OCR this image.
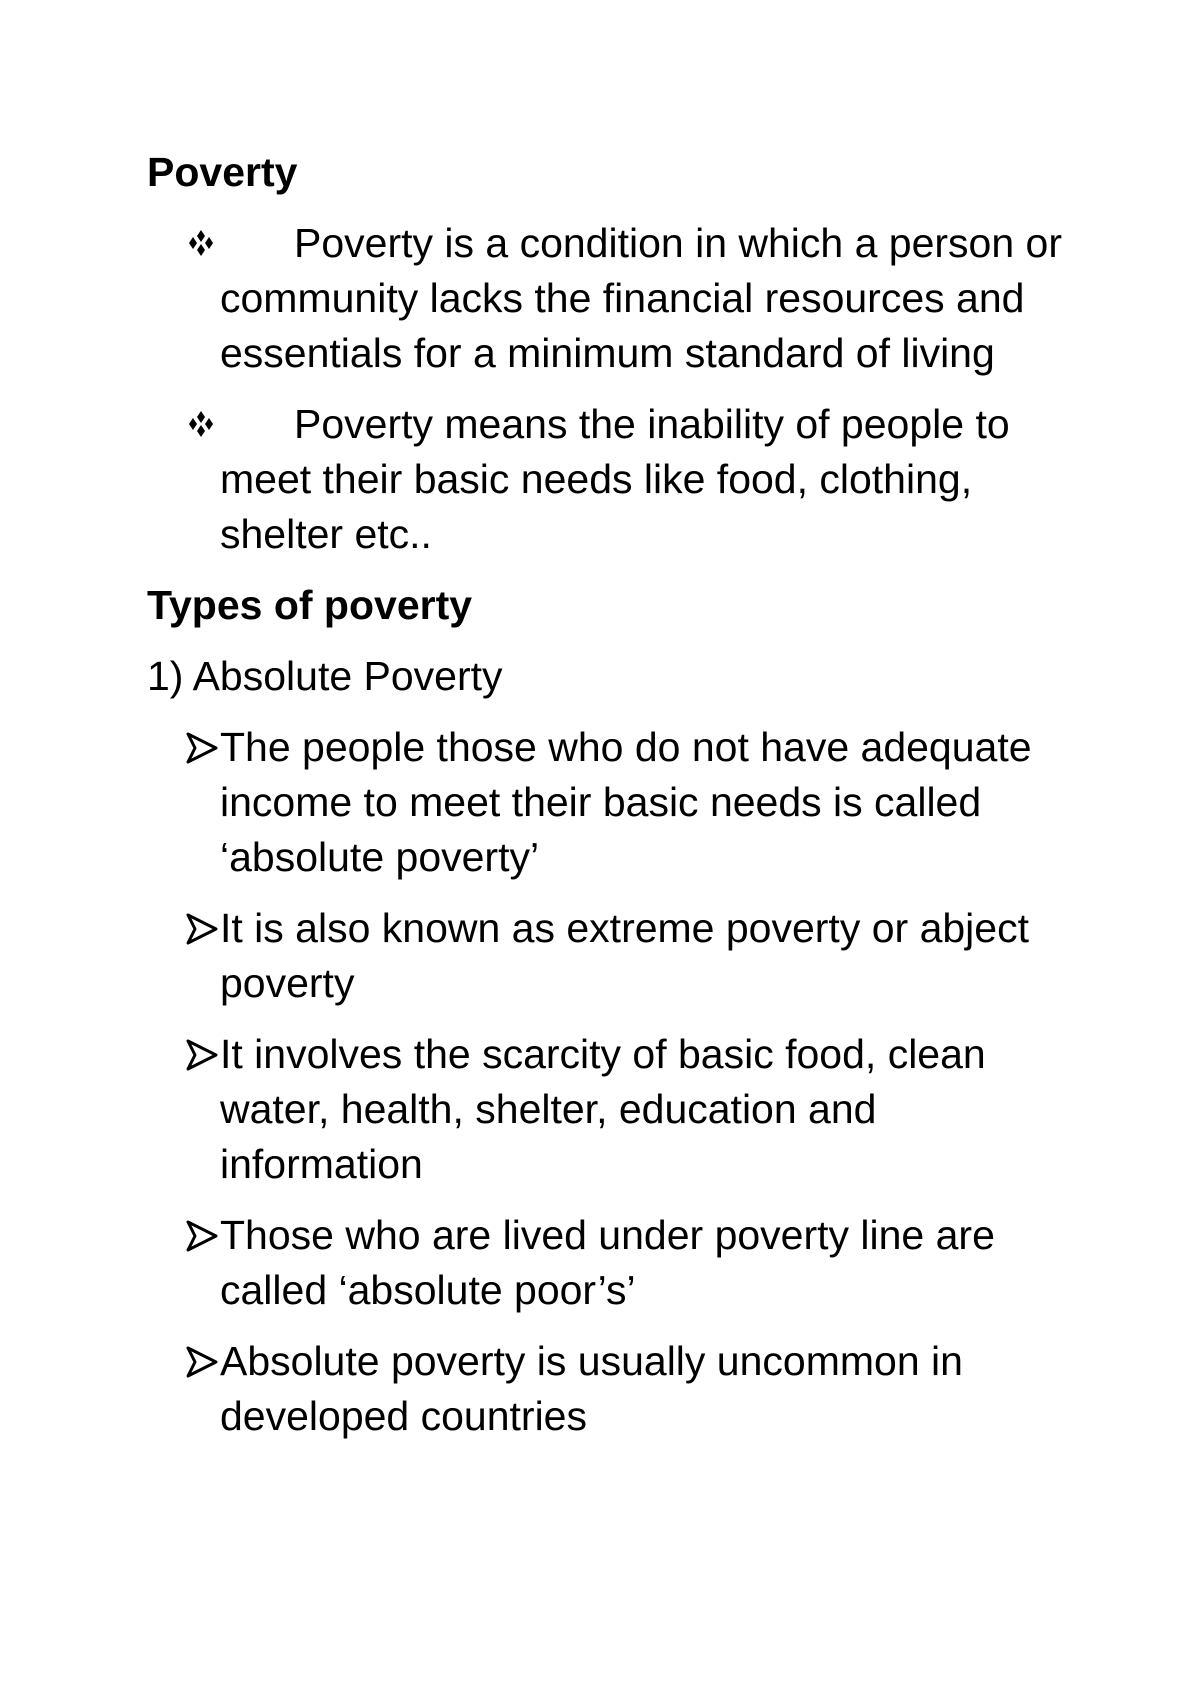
Poverty

Poverty is a condition in which a person or community lacks the financial resources and essentials for a minimum standard of living
Poverty means the inability of people to meet their basic needs like food, clothing, shelter etc..

Types of poverty

1) Absolute Poverty

The people those who do not have adequate income to meet their basic needs is called ‘absolute poverty’
It is also known as extreme poverty or abject poverty
It involves the scarcity of basic food, clean water, health, shelter, education and information
Those who are lived under poverty line are called ‘absolute poor’s’
Absolute poverty is usually uncommon in developed countries
